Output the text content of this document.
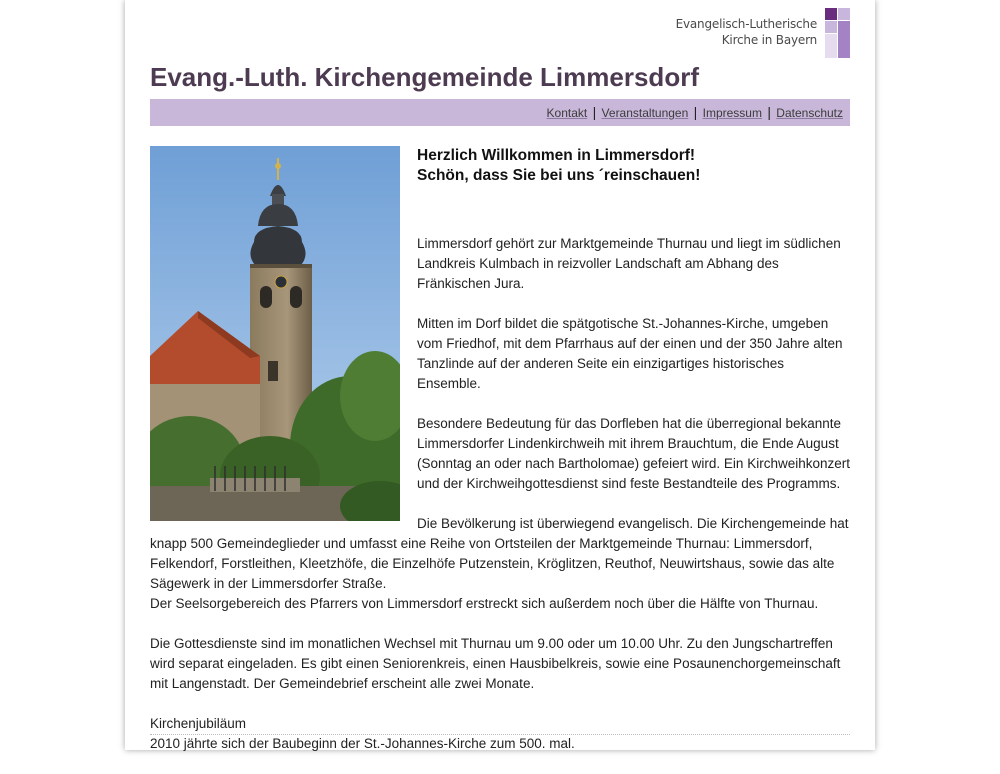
Evangelisch-Lutherische
Kirche in Bayern
Evang.-Luth. Kirchengemeinde Limmersdorf
Kontakt | Veranstaltungen | Impressum | Datenschutz
Herzlich Willkommen in Limmersdorf!
Schön, dass Sie bei uns ´reinschauen!

Limmersdorf gehört zur Marktgemeinde Thurnau und liegt im südlichen Landkreis Kulmbach in reizvoller Landschaft am Abhang des Fränkischen Jura.

Mitten im Dorf bildet die spätgotische St.-Johannes-Kirche, umgeben vom Friedhof, mit dem Pfarrhaus auf der einen und der 350 Jahre alten Tanzlinde auf der anderen Seite ein einzigartiges historisches Ensemble.

Besondere Bedeutung für das Dorfleben hat die überregional bekannte Limmersdorfer Lindenkirchweih mit ihrem Brauchtum, die Ende August (Sonntag an oder nach Bartholomae) gefeiert wird. Ein Kirchweihkonzert und der Kirchweihgottesdienst sind feste Bestandteile des Programms.

Die Bevölkerung ist überwiegend evangelisch. Die Kirchengemeinde hat knapp 500 Gemeindeglieder und umfasst eine Reihe von Ortsteilen der Marktgemeinde Thurnau: Limmersdorf, Felkendorf, Forstleithen, Kleetzhöfe, die Einzelhöfe Putzenstein, Kröglitzen, Reuthof, Neuwirtshaus, sowie das alte Sägewerk in der Limmersdorfer Straße.

Der Seelsorgebereich des Pfarrers von Limmersdorf erstreckt sich außerdem noch über die Hälfte von Thurnau.

Die Gottesdienste sind im monatlichen Wechsel mit Thurnau um 9.00 oder um 10.00 Uhr. Zu den Jungschartreffen wird separat eingeladen. Es gibt einen Seniorenkreis, einen Hausbibelkreis, sowie eine Posaunenchorgemeinschaft mit Langenstadt. Der Gemeindebrief erscheint alle zwei Monate.

Kirchenjubiläum

2010 jährte sich der Baubeginn der St.-Johannes-Kirche zum 500. mal.
